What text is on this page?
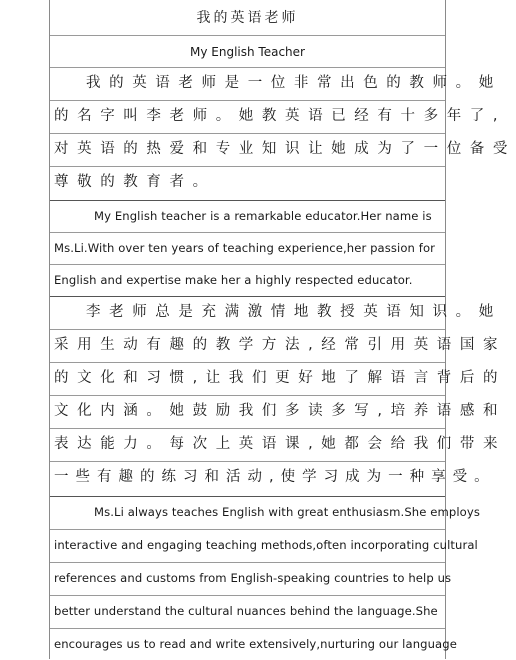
我的英语老师
My English Teacher
我的英语老师是一位非常出色的教师。她
的名字叫李老师。她教英语已经有十多年了,
对英语的热爱和专业知识让她成为了一位备受
尊敬的教育者。
My English teacher is a remarkable educator.Her name is
Ms.Li.With over ten years of teaching experience,her passion for
English and expertise make her a highly respected educator.
李老师总是充满激情地教授英语知识。她
采用生动有趣的教学方法,经常引用英语国家
的文化和习惯,让我们更好地了解语言背后的
文化内涵。她鼓励我们多读多写,培养语感和
表达能力。每次上英语课,她都会给我们带来
一些有趣的练习和活动,使学习成为一种享受。
Ms.Li always teaches English with great enthusiasm.She employs
interactive and engaging teaching methods,often incorporating cultural
references and customs from English-speaking countries to help us
better understand the cultural nuances behind the language.She
encourages us to read and write extensively,nurturing our language
